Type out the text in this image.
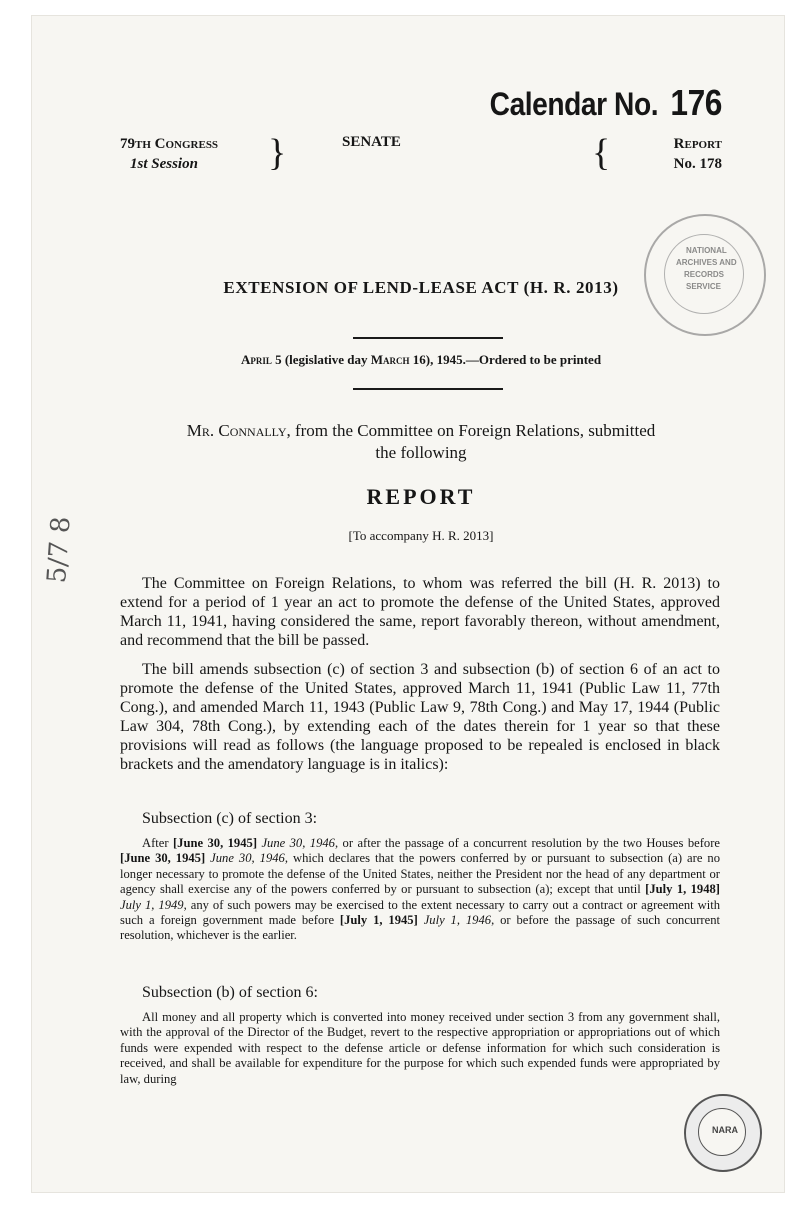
5/7 8
NATIONAL
ARCHIVES AND
RECORDS
SERVICE
NARA
Calendar No. 176
79th Congress
1st Session	}	SENATE	{	Report
No. 178
EXTENSION OF LEND-LEASE ACT (H. R. 2013)
April 5 (legislative day March 16), 1945.—Ordered to be printed
Mr. Connally, from the Committee on Foreign Relations, submitted
the following
REPORT
[To accompany H. R. 2013]

The Committee on Foreign Relations, to whom was referred the bill (H. R. 2013) to extend for a period of 1 year an act to promote the defense of the United States, approved March 11, 1941, having considered the same, report favorably thereon, without amendment, and recommend that the bill be passed.

The bill amends subsection (c) of section 3 and subsection (b) of section 6 of an act to promote the defense of the United States, approved March 11, 1941 (Public Law 11, 77th Cong.), and amended March 11, 1943 (Public Law 9, 78th Cong.) and May 17, 1944 (Public Law 304, 78th Cong.), by extending each of the dates therein for 1 year so that these provisions will read as follows (the language proposed to be repealed is enclosed in black brackets and the amendatory language is in italics):

Subsection (c) of section 3:

After [June 30, 1945] June 30, 1946, or after the passage of a concurrent resolution by the two Houses before [June 30, 1945] June 30, 1946, which declares that the powers conferred by or pursuant to subsection (a) are no longer necessary to promote the defense of the United States, neither the President nor the head of any department or agency shall exercise any of the powers conferred by or pursuant to subsection (a); except that until [July 1, 1948] July 1, 1949, any of such powers may be exercised to the extent necessary to carry out a contract or agreement with such a foreign government made before [July 1, 1945] July 1, 1946, or before the passage of such concurrent resolution, whichever is the earlier.

Subsection (b) of section 6:

All money and all property which is converted into money received under section 3 from any government shall, with the approval of the Director of the Budget, revert to the respective appropriation or appropriations out of which funds were expended with respect to the defense article or defense information for which such consideration is received, and shall be available for expenditure for the purpose for which such expended funds were appropriated by law, during
